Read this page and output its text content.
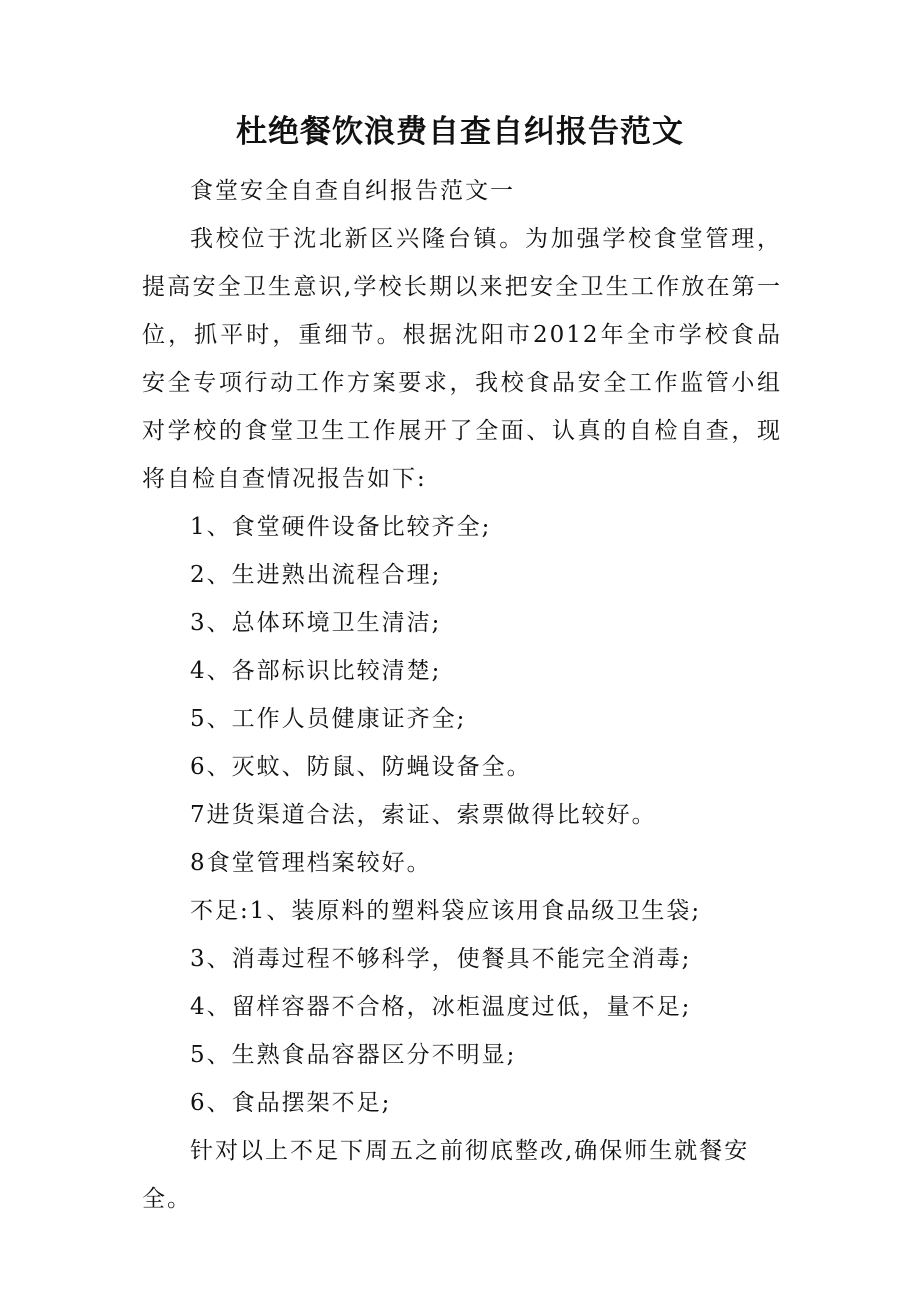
杜绝餐饮浪费自查自纠报告范文

食堂安全自查自纠报告范文一

我校位于沈北新区兴隆台镇。为加强学校食堂管理，提高安全卫生意识,学校长期以来把安全卫生工作放在第一位，抓平时，重细节。根据沈阳市2012年全市学校食品安全专项行动工作方案要求，我校食品安全工作监管小组对学校的食堂卫生工作展开了全面、认真的自检自查，现将自检自查情况报告如下:

1、食堂硬件设备比较齐全;

2、生进熟出流程合理;

3、总体环境卫生清洁;

4、各部标识比较清楚;

5、工作人员健康证齐全;

6、灭蚊、防鼠、防蝇设备全。

7进货渠道合法，索证、索票做得比较好。

8食堂管理档案较好。

不足:1、装原料的塑料袋应该用食品级卫生袋;

3、消毒过程不够科学，使餐具不能完全消毒;

4、留样容器不合格，冰柜温度过低，量不足;

5、生熟食品容器区分不明显;

6、食品摆架不足;

针对以上不足下周五之前彻底整改,确保师生就餐安全。
